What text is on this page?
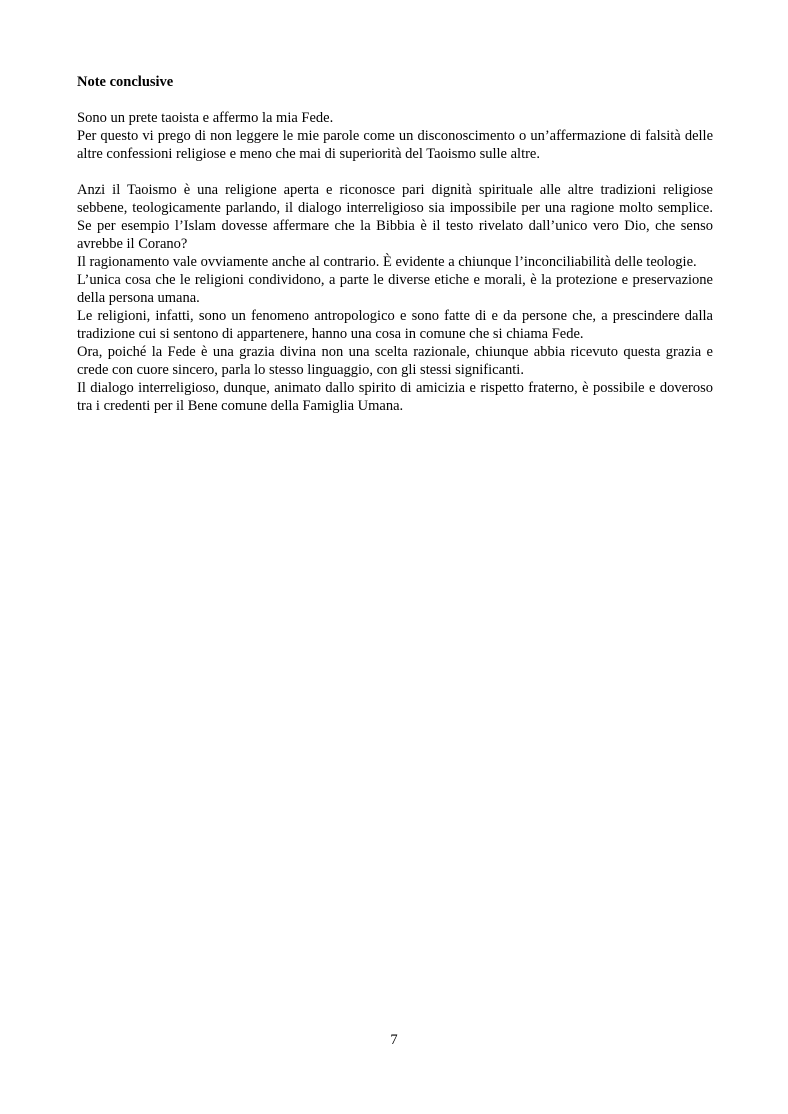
Note conclusive

Sono un prete taoista e affermo la mia Fede.

Per questo vi prego di non leggere le mie parole come un disconoscimento o un’affermazione di falsità delle altre confessioni religiose e meno che mai di superiorità del Taoismo sulle altre.

Anzi il Taoismo è una religione aperta e riconosce pari dignità spirituale alle altre tradizioni religiose sebbene, teologicamente parlando, il dialogo interreligioso sia impossibile per una ragione molto semplice. Se per esempio l’Islam dovesse affermare che la Bibbia è il testo rivelato dall’unico vero Dio, che senso avrebbe il Corano?

Il ragionamento vale ovviamente anche al contrario. È evidente a chiunque l’inconciliabilità delle teologie.

L’unica cosa che le religioni condividono, a parte le diverse etiche e morali, è la protezione e preservazione della persona umana.

Le religioni, infatti, sono un fenomeno antropologico e sono fatte di e da persone che, a prescindere dalla tradizione cui si sentono di appartenere, hanno una cosa in comune che si chiama Fede.

Ora, poiché la Fede è una grazia divina non una scelta razionale, chiunque abbia ricevuto questa grazia e crede con cuore sincero, parla lo stesso linguaggio, con gli stessi significanti.

Il dialogo interreligioso, dunque, animato dallo spirito di amicizia e rispetto fraterno, è possibile e doveroso tra i credenti per il Bene comune della Famiglia Umana.

7
